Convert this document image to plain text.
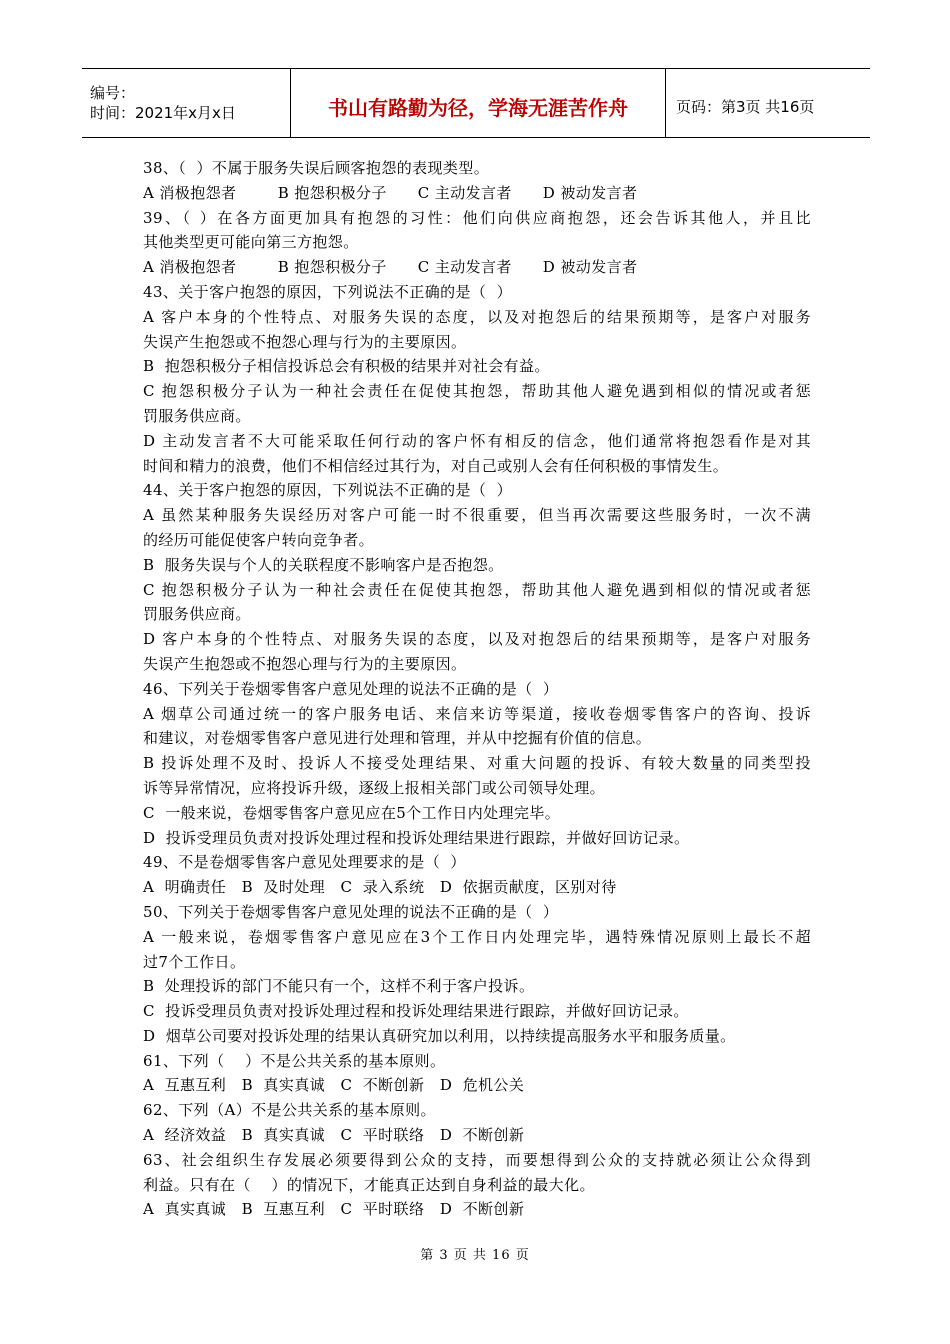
编号：
时间：2021年x月x日	书山有路勤为径，学海无涯苦作舟	页码：第3页 共16页
38、（  ）不属于服务失误后顾客抱怨的表现类型。
A 消极抱怨者        B 抱怨积极分子      C 主动发言者      D 被动发言者
39、（ ）在各方面更加具有抱怨的习性：他们向供应商抱怨，还会告诉其他人，并且比
其他类型更可能向第三方抱怨。
A 消极抱怨者        B 抱怨积极分子      C 主动发言者      D 被动发言者
43、关于客户抱怨的原因，下列说法不正确的是（  ）
A 客户本身的个性特点、对服务失误的态度，以及对抱怨后的结果预期等，是客户对服务
失误产生抱怨或不抱怨心理与行为的主要原因。
B  抱怨积极分子相信投诉总会有积极的结果并对社会有益。
C 抱怨积极分子认为一种社会责任在促使其抱怨，帮助其他人避免遇到相似的情况或者惩
罚服务供应商。
D 主动发言者不大可能采取任何行动的客户怀有相反的信念，他们通常将抱怨看作是对其
时间和精力的浪费，他们不相信经过其行为，对自己或别人会有任何积极的事情发生。
44、关于客户抱怨的原因，下列说法不正确的是（  ）
A 虽然某种服务失误经历对客户可能一时不很重要，但当再次需要这些服务时，一次不满
的经历可能促使客户转向竞争者。
B  服务失误与个人的关联程度不影响客户是否抱怨。
C 抱怨积极分子认为一种社会责任在促使其抱怨，帮助其他人避免遇到相似的情况或者惩
罚服务供应商。
D 客户本身的个性特点、对服务失误的态度，以及对抱怨后的结果预期等，是客户对服务
失误产生抱怨或不抱怨心理与行为的主要原因。
46、下列关于卷烟零售客户意见处理的说法不正确的是（  ）
A 烟草公司通过统一的客户服务电话、来信来访等渠道，接收卷烟零售客户的咨询、投诉
和建议，对卷烟零售客户意见进行处理和管理，并从中挖掘有价值的信息。
B 投诉处理不及时、投诉人不接受处理结果、对重大问题的投诉、有较大数量的同类型投
诉等异常情况，应将投诉升级，逐级上报相关部门或公司领导处理。
C  一般来说，卷烟零售客户意见应在5个工作日内处理完毕。
D  投诉受理员负责对投诉处理过程和投诉处理结果进行跟踪，并做好回访记录。
49、不是卷烟零售客户意见处理要求的是（  ）
A  明确责任   B  及时处理   C  录入系统   D  依据贡献度，区别对待
50、下列关于卷烟零售客户意见处理的说法不正确的是（  ）
A 一般来说，卷烟零售客户意见应在3个工作日内处理完毕，遇特殊情况原则上最长不超
过7个工作日。
B  处理投诉的部门不能只有一个，这样不利于客户投诉。
C  投诉受理员负责对投诉处理过程和投诉处理结果进行跟踪，并做好回访记录。
D  烟草公司要对投诉处理的结果认真研究加以利用，以持续提高服务水平和服务质量。
61、下列（    ）不是公共关系的基本原则。
A  互惠互利   B  真实真诚   C  不断创新   D  危机公关
62、下列（A）不是公共关系的基本原则。
A  经济效益   B  真实真诚   C  平时联络   D  不断创新
63、社会组织生存发展必须要得到公众的支持，而要想得到公众的支持就必须让公众得到
利益。只有在（    ）的情况下，才能真正达到自身利益的最大化。
A  真实真诚   B  互惠互利   C  平时联络   D  不断创新
第 3 页 共 16 页
